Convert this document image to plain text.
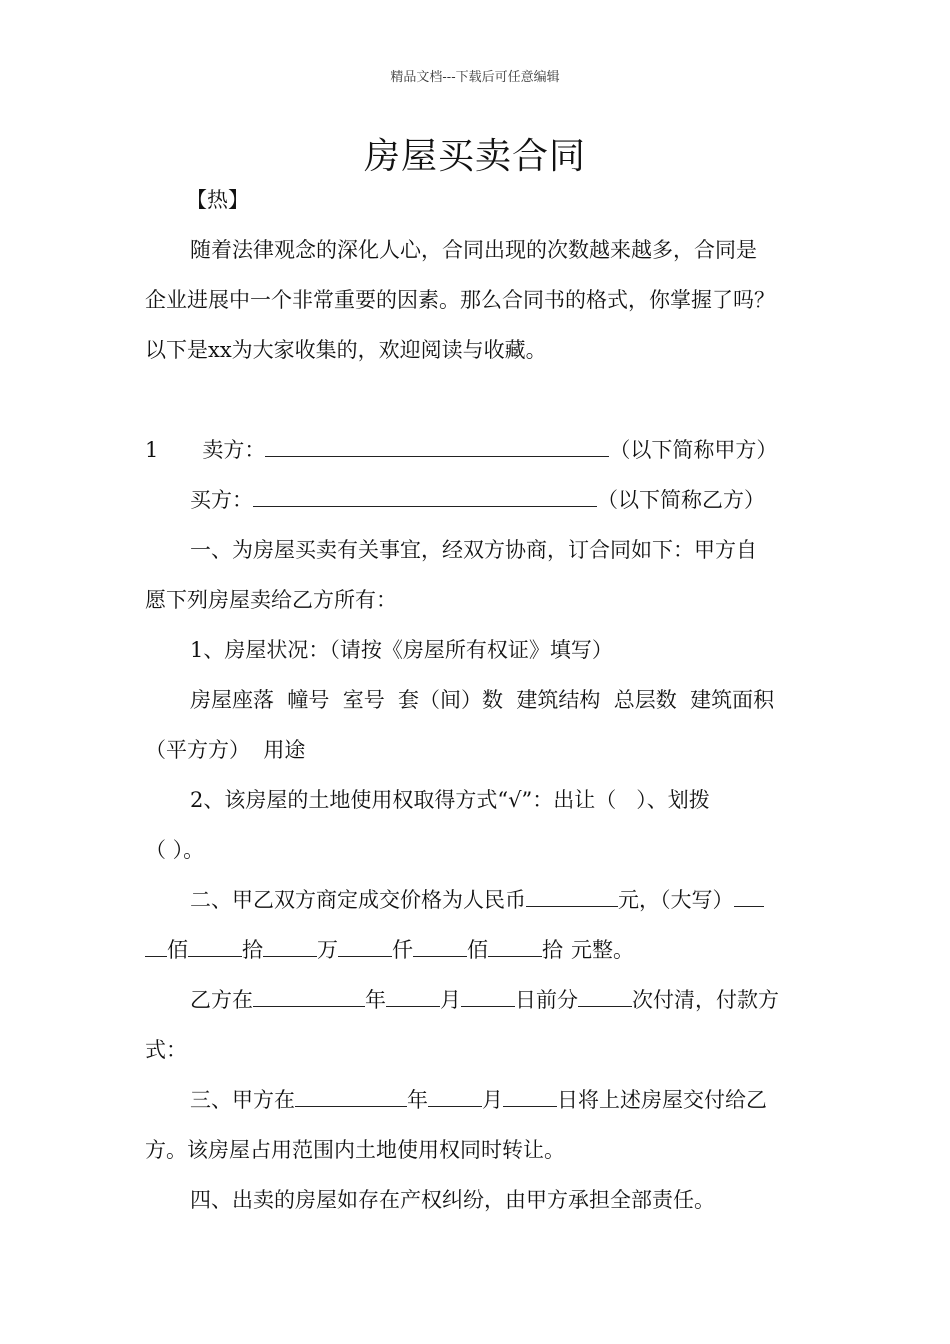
精品文档---下载后可任意编辑
房屋买卖合同
【热】
随着法律观念的深化人心，合同出现的次数越来越多，合同是
企业进展中一个非常重要的因素。那么合同书的格式，你掌握了吗？
以下是xx为大家收集的，欢迎阅读与收藏。
1 卖方：	（以下简称甲方）
买方：	（以下简称乙方）
一、为房屋买卖有关事宜，经双方协商，订合同如下：甲方自
愿下列房屋卖给乙方所有：
1、房屋状况：（请按《房屋所有权证》填写）
房屋座落  幢号  室号  套（间）数  建筑结构  总层数  建筑面积
（平方方）  用途
2、该房屋的土地使用权取得方式“√”：出让（   ）、划拨
（ ）。
二、甲乙双方商定成交价格为人民币	元，（大写）
佰	拾	万	仟	佰	拾 元整。
乙方在	年	月	日前分	次付清，付款方
式：
三、甲方在	年	月	日将上述房屋交付给乙
方。该房屋占用范围内土地使用权同时转让。
四、出卖的房屋如存在产权纠纷，由甲方承担全部责任。
